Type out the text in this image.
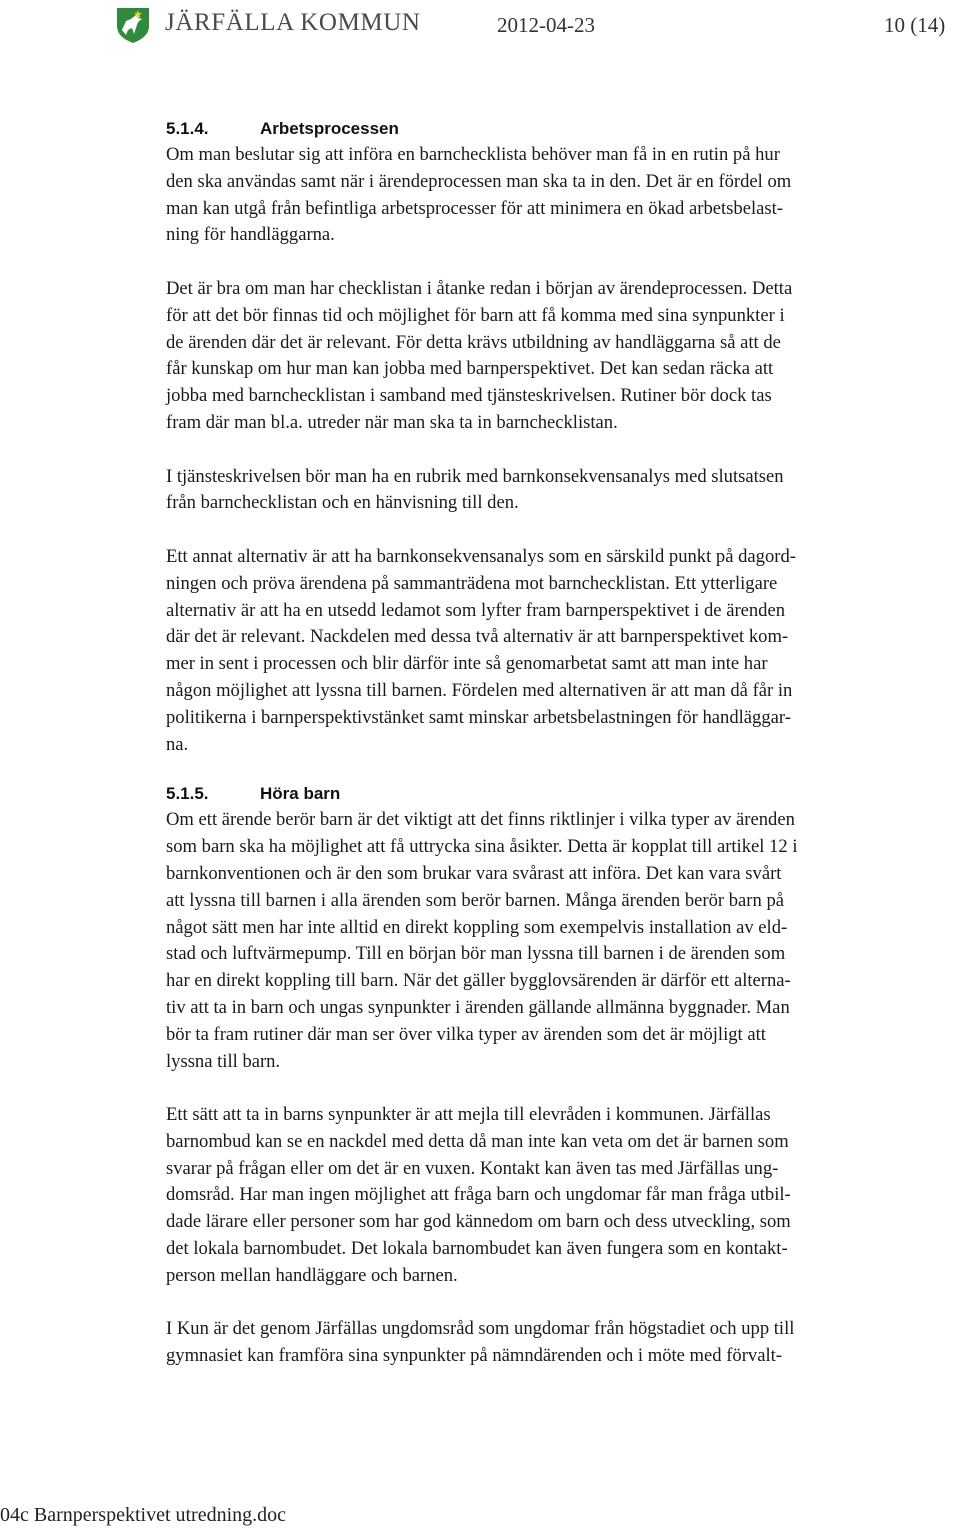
JÄRFÄLLA KOMMUN	2012-04-23	10 (14)
5.1.4.	Arbetsprocessen
Om man beslutar sig att införa en barnchecklista behöver man få in en rutin på hur
den ska användas samt när i ärendeprocessen man ska ta in den. Det är en fördel om
man kan utgå från befintliga arbetsprocesser för att minimera en ökad arbetsbelast-
ning för handläggarna.
Det är bra om man har checklistan i åtanke redan i början av ärendeprocessen. Detta
för att det bör finnas tid och möjlighet för barn att få komma med sina synpunkter i
de ärenden där det är relevant. För detta krävs utbildning av handläggarna så att de
får kunskap om hur man kan jobba med barnperspektivet. Det kan sedan räcka att
jobba med barnchecklistan i samband med tjänsteskrivelsen. Rutiner bör dock tas
fram där man bl.a. utreder när man ska ta in barnchecklistan.
I tjänsteskrivelsen bör man ha en rubrik med barnkonsekvensanalys med slutsatsen
från barnchecklistan och en hänvisning till den.
Ett annat alternativ är att ha barnkonsekvensanalys som en särskild punkt på dagord-
ningen och pröva ärendena på sammanträdena mot barnchecklistan. Ett ytterligare
alternativ är att ha en utsedd ledamot som lyfter fram barnperspektivet i de ärenden
där det är relevant. Nackdelen med dessa två alternativ är att barnperspektivet kom-
mer in sent i processen och blir därför inte så genomarbetat samt att man inte har
någon möjlighet att lyssna till barnen. Fördelen med alternativen är att man då får in
politikerna i barnperspektivstänket samt minskar arbetsbelastningen för handläggar-
na.
5.1.5.	Höra barn
Om ett ärende berör barn är det viktigt att det finns riktlinjer i vilka typer av ärenden
som barn ska ha möjlighet att få uttrycka sina åsikter. Detta är kopplat till artikel 12 i
barnkonventionen och är den som brukar vara svårast att införa. Det kan vara svårt
att lyssna till barnen i alla ärenden som berör barnen. Många ärenden berör barn på
något sätt men har inte alltid en direkt koppling som exempelvis installation av eld-
stad och luftvärmepump. Till en början bör man lyssna till barnen i de ärenden som
har en direkt koppling till barn. När det gäller bygglovsärenden är därför ett alterna-
tiv att ta in barn och ungas synpunkter i ärenden gällande allmänna byggnader. Man
bör ta fram rutiner där man ser över vilka typer av ärenden som det är möjligt att
lyssna till barn.
Ett sätt att ta in barns synpunkter är att mejla till elevråden i kommunen. Järfällas
barnombud kan se en nackdel med detta då man inte kan veta om det är barnen som
svarar på frågan eller om det är en vuxen. Kontakt kan även tas med Järfällas ung-
domsråd. Har man ingen möjlighet att fråga barn och ungdomar får man fråga utbil-
dade lärare eller personer som har god kännedom om barn och dess utveckling, som
det lokala barnombudet. Det lokala barnombudet kan även fungera som en kontakt-
person mellan handläggare och barnen.
I Kun är det genom Järfällas ungdomsråd som ungdomar från högstadiet och upp till
gymnasiet kan framföra sina synpunkter på nämndärenden och i möte med förvalt-
04c Barnperspektivet utredning.doc
